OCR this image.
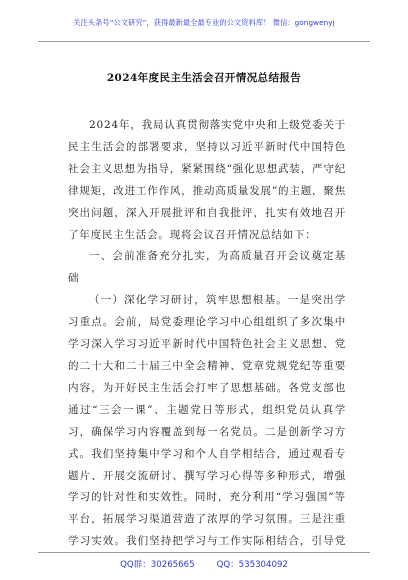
关注头条号“公文研究”，获得最新最全最专业的公文资料库！ 微信：gongwenyj
2024年度民主生活会召开情况总结报告

2024年，我局认真贯彻落实党中央和上级党委关于民主生活会的部署要求，坚持以习近平新时代中国特色社会主义思想为指导，紧紧围绕“强化思想武装，严守纪律规矩，改进工作作风，推动高质量发展”的主题，聚焦突出问题，深入开展批评和自我批评，扎实有效地召开了年度民主生活会。现将会议召开情况总结如下：

一、会前准备充分扎实，为高质量召开会议奠定基础

（一）深化学习研讨，筑牢思想根基。一是突出学习重点。会前，局党委理论学习中心组组织了多次集中学习深入学习习近平新时代中国特色社会主义思想、党的二十大和二十届三中全会精神、党章党规党纪等重要内容，为开好民主生活会打牢了思想基础。各党支部也通过“三会一课”、主题党日等形式，组织党员认真学习，确保学习内容覆盖到每一名党员。二是创新学习方式。我们坚持集中学习和个人自学相结合，通过观看专题片、开展交流研讨、撰写学习心得等多种形式，增强学习的针对性和实效性。同时，充分利用“学习强国”等平台，拓展学习渠道营造了浓厚的学习氛围。三是注重学习实效。我们坚持把学习与工作实际相结合，引导党

QQ群：30265665	QQ：535304092
